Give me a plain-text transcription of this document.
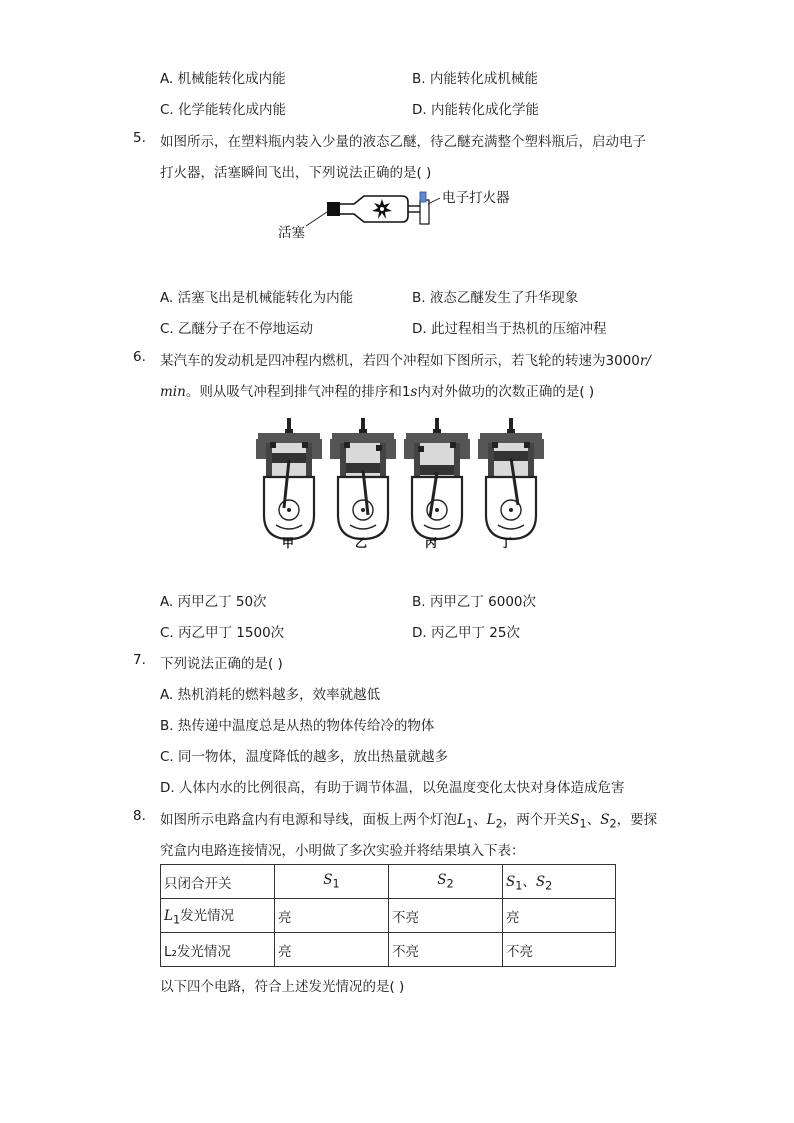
A. 机械能转化成内能	B. 内能转化成机械能
C. 化学能转化成内能	D. 内能转化成化学能
5. 如图所示，在塑料瓶内装入少量的液态乙醚，待乙醚充满整个塑料瓶后，启动电子
打火器，活塞瞬间飞出，下列说法正确的是( )
电子打火器
活塞
A. 活塞飞出是机械能转化为内能	B. 液态乙醚发生了升华现象
C. 乙醚分子在不停地运动	D. 此过程相当于热机的压缩冲程
6. 某汽车的发动机是四冲程内燃机，若四个冲程如下图所示，若飞轮的转速为3000r/
min。则从吸气冲程到排气冲程的排序和1s内对外做功的次数正确的是( )
甲	乙	丙	丁
A. 丙甲乙丁 50次	B. 丙甲乙丁 6000次
C. 丙乙甲丁 1500次	D. 丙乙甲丁 25次
7. 下列说法正确的是( )
A. 热机消耗的燃料越多，效率就越低
B. 热传递中温度总是从热的物体传给冷的物体
C. 同一物体，温度降低的越多，放出热量就越多
D. 人体内水的比例很高，有助于调节体温，以免温度变化太快对身体造成危害
8. 如图所示电路盒内有电源和导线，面板上两个灯泡$L_1$、$L_2$，两个开关$S_1$、$S_2$，要探
究盒内电路连接情况，小明做了多次实验并将结果填入下表：
只闭合开关	$S_1$	$S_2$	$S_1$、$S_2$
$L_1$发光情况	亮	不亮	亮
L₂发光情况	亮	不亮	不亮
以下四个电路，符合上述发光情况的是( )
